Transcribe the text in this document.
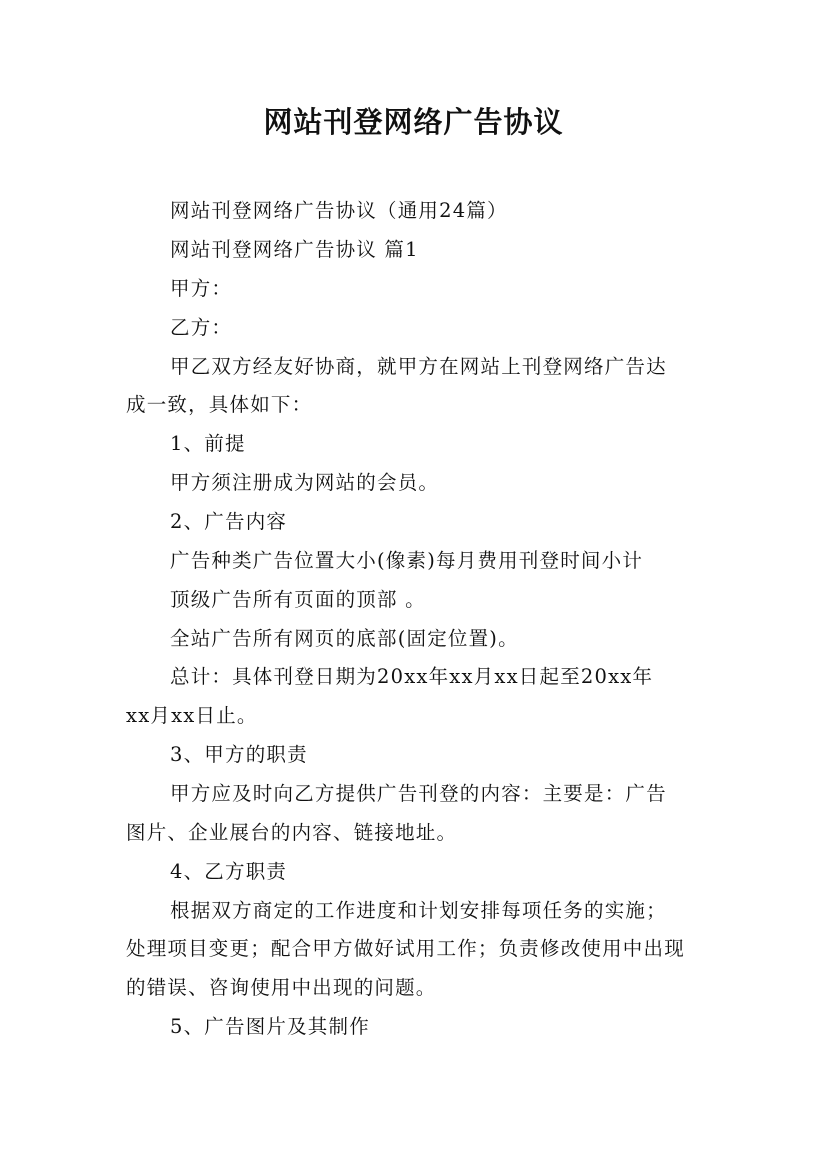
网站刊登网络广告协议
网站刊登网络广告协议（通用24篇）
网站刊登网络广告协议 篇1
甲方：
乙方：
甲乙双方经友好协商，就甲方在网站上刊登网络广告达
成一致，具体如下：
1、前提
甲方须注册成为网站的会员。
2、广告内容
广告种类广告位置大小(像素)每月费用刊登时间小计
顶级广告所有页面的顶部 。
全站广告所有网页的底部(固定位置)。
总计：具体刊登日期为20xx年xx月xx日起至20xx年
xx月xx日止。
3、甲方的职责
甲方应及时向乙方提供广告刊登的内容：主要是：广告
图片、企业展台的内容、链接地址。
4、乙方职责
根据双方商定的工作进度和计划安排每项任务的实施；
处理项目变更；配合甲方做好试用工作；负责修改使用中出现
的错误、咨询使用中出现的问题。
5、广告图片及其制作
